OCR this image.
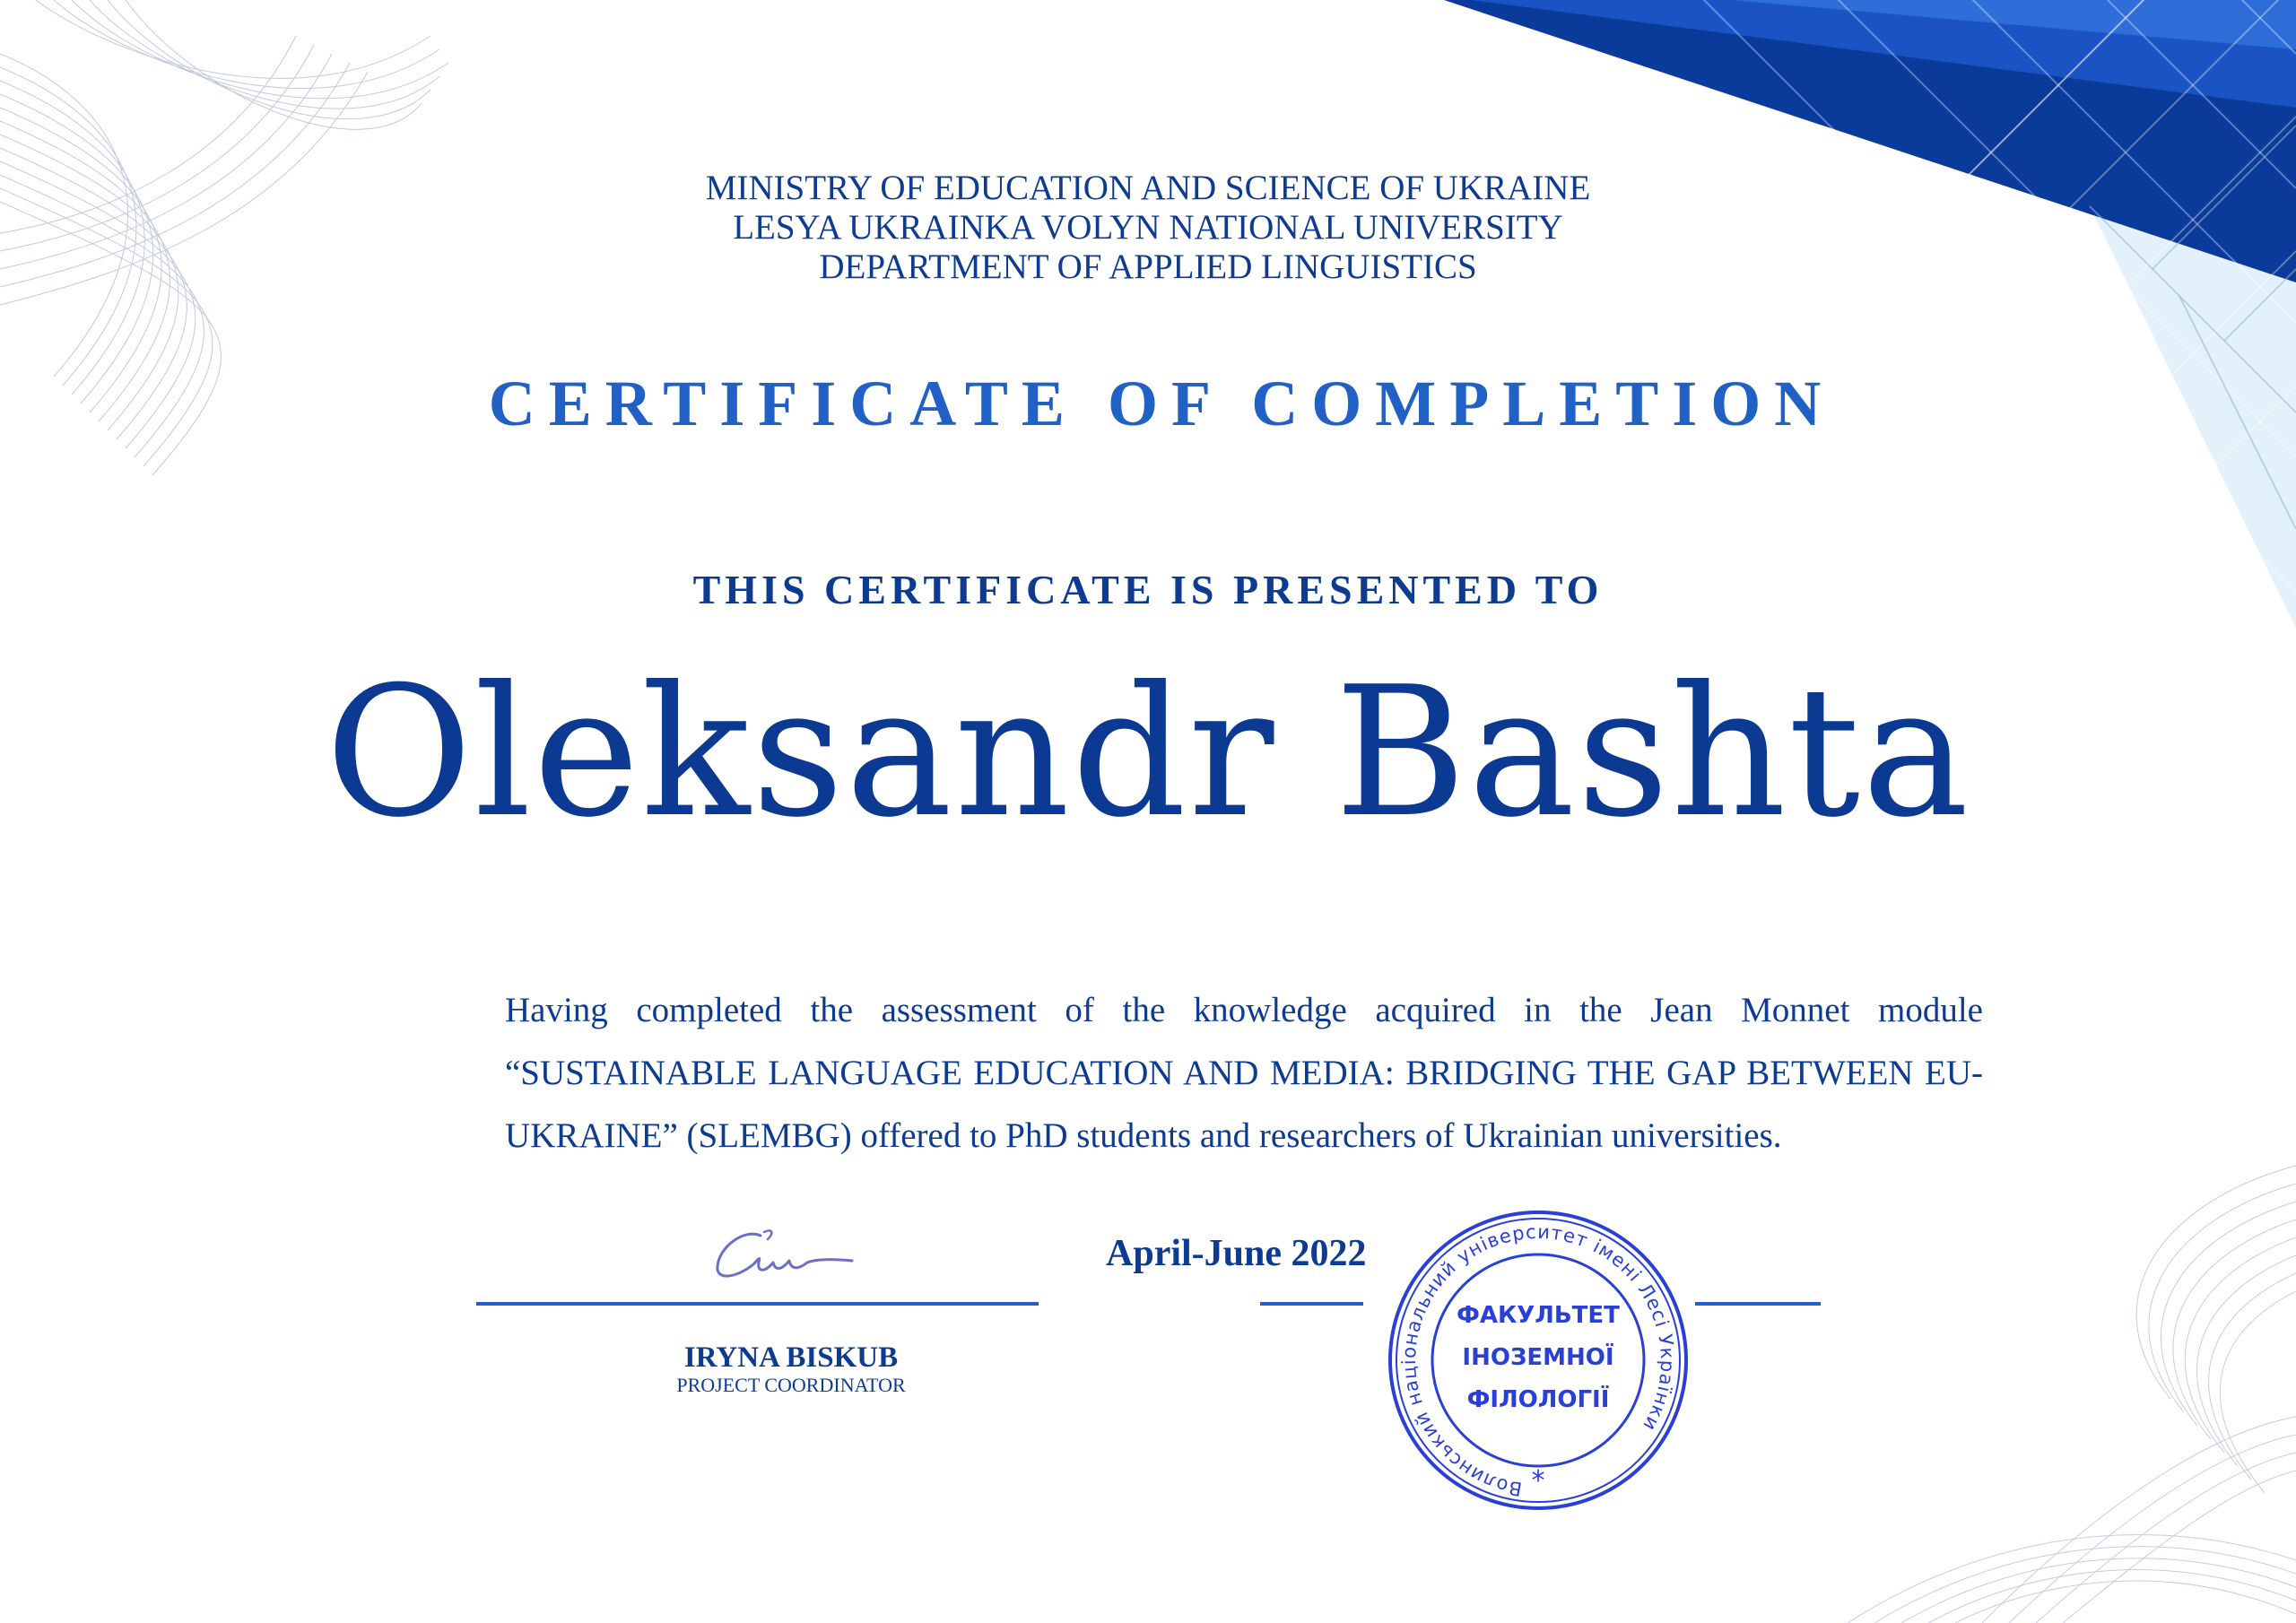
MINISTRY OF EDUCATION AND SCIENCE OF UKRAINE

LESYA UKRAINKA VOLYN NATIONAL UNIVERSITY

DEPARTMENT OF APPLIED LINGUISTICS

CERTIFICATE OF COMPLETION
THIS CERTIFICATE IS PRESENTED TO
Oleksandr Bashta
Having completed the assessment of the knowledge acquired in the Jean Monnet module “SUSTAINABLE LANGUAGE EDUCATION AND MEDIA: BRIDGING THE GAP BETWEEN EU-UKRAINE” (SLEMBG) offered to PhD students and researchers of Ukrainian universities.
April-June 2022
IRYNA BISKUB
PROJECT COORDINATOR
Волинський національний університет імені Лесі Українки
*
ФАКУЛЬТЕТ
ІНОЗЕМНОЇ
ФІЛОЛОГІЇ
